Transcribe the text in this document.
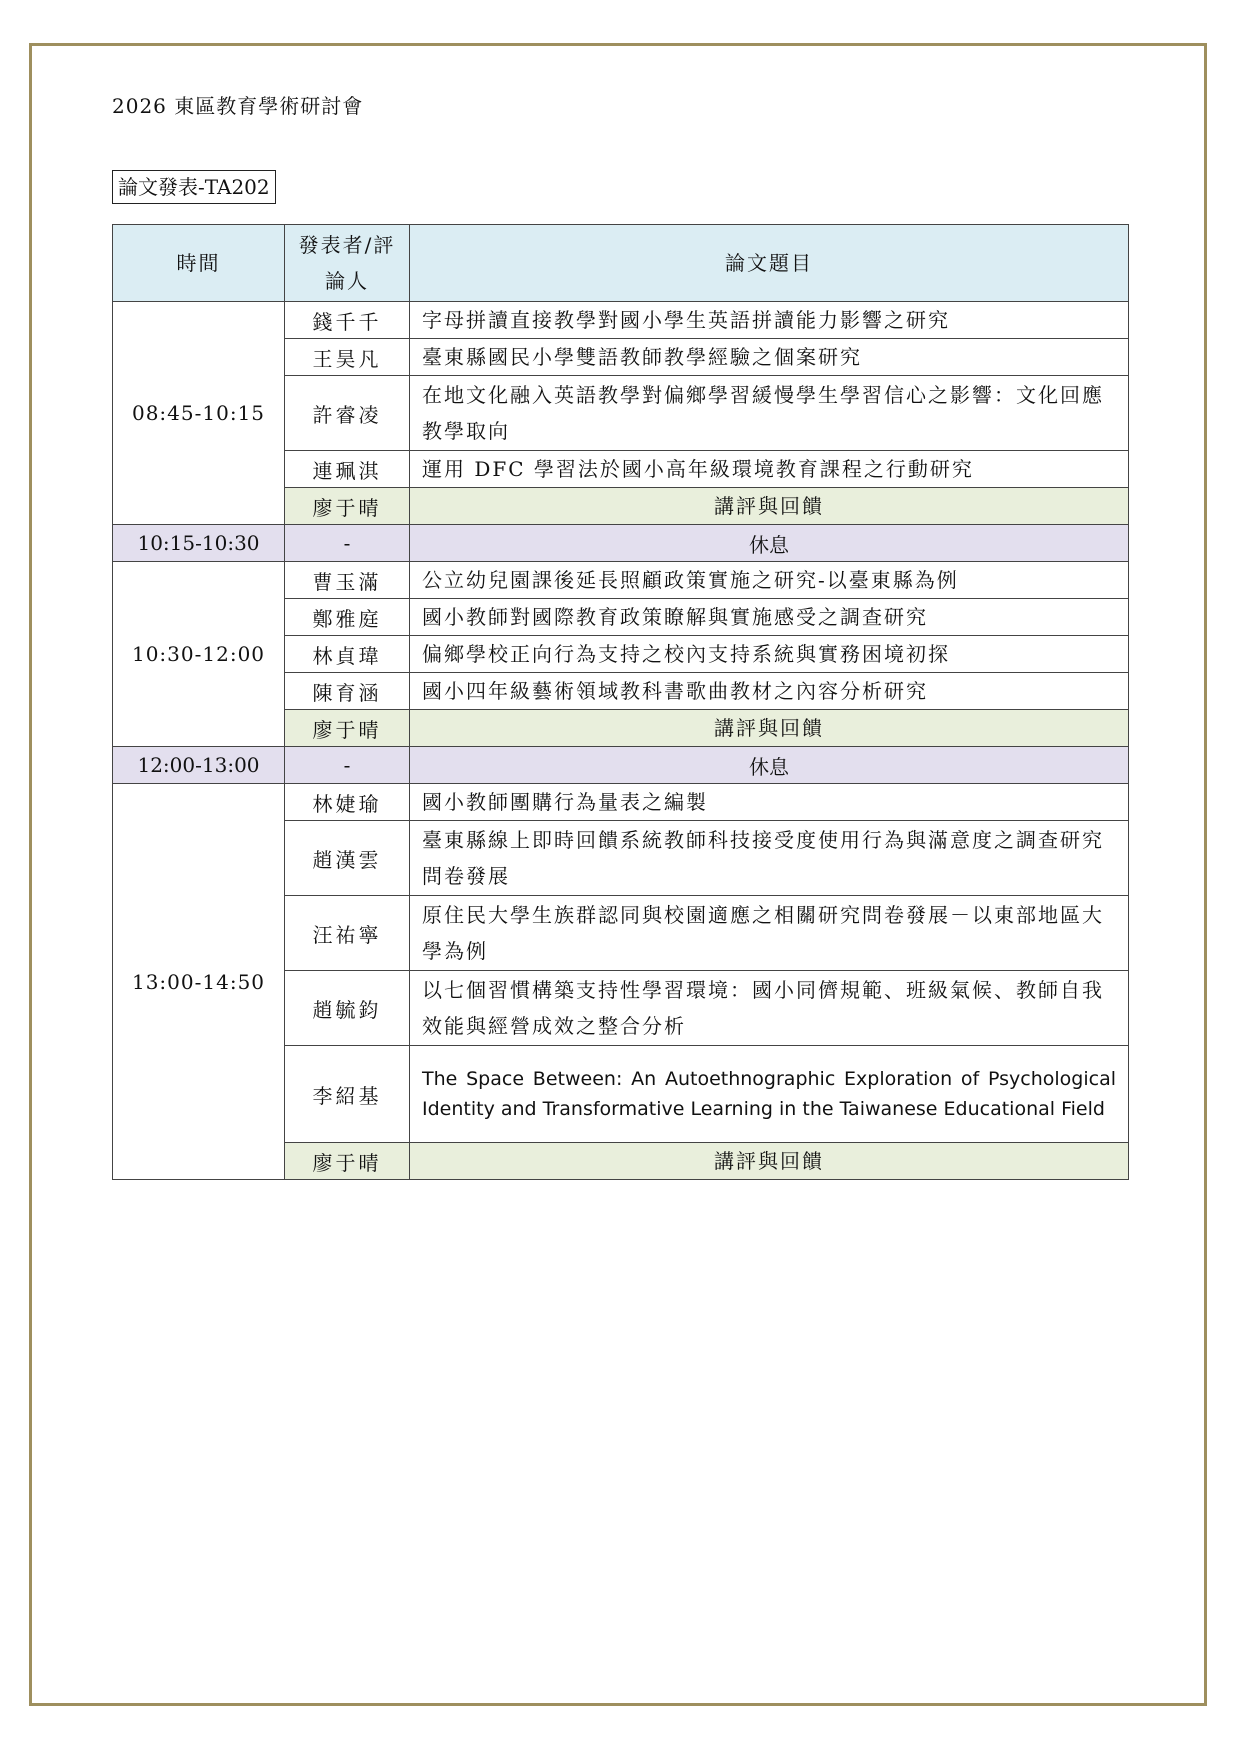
2026 東區教育學術研討會
論文發表-TA202
時間	發表者/評論人	論文題目
08:45-10:15	錢千千	字母拼讀直接教學對國小學生英語拼讀能力影響之研究
	王昊凡	臺東縣國民小學雙語教師教學經驗之個案研究
	許睿凌	在地文化融入英語教學對偏鄉學習緩慢學生學習信心之影響：文化回應教學取向
	連珮淇	運用 DFC 學習法於國小高年級環境教育課程之行動研究
	廖于晴	講評與回饋
10:15-10:30	-	休息
10:30-12:00	曹玉滿	公立幼兒園課後延長照顧政策實施之研究-以臺東縣為例
	鄭雅庭	國小教師對國際教育政策瞭解與實施感受之調查研究
	林貞瑋	偏鄉學校正向行為支持之校內支持系統與實務困境初探
	陳育涵	國小四年級藝術領域教科書歌曲教材之內容分析研究
	廖于晴	講評與回饋
12:00-13:00	-	休息
13:00-14:50	林婕瑜	國小教師團購行為量表之編製
	趙漢雲	臺東縣線上即時回饋系統教師科技接受度使用行為與滿意度之調查研究問卷發展
	汪祐寧	原住民大學生族群認同與校園適應之相關研究問卷發展－以東部地區大學為例
	趙毓鈞	以七個習慣構築支持性學習環境：國小同儕規範、班級氣候、教師自我效能與經營成效之整合分析
	李紹基	The Space Between: An Autoethnographic Exploration of Psychological Identity and Transformative Learning in the Taiwanese Educational Field
	廖于晴	講評與回饋
